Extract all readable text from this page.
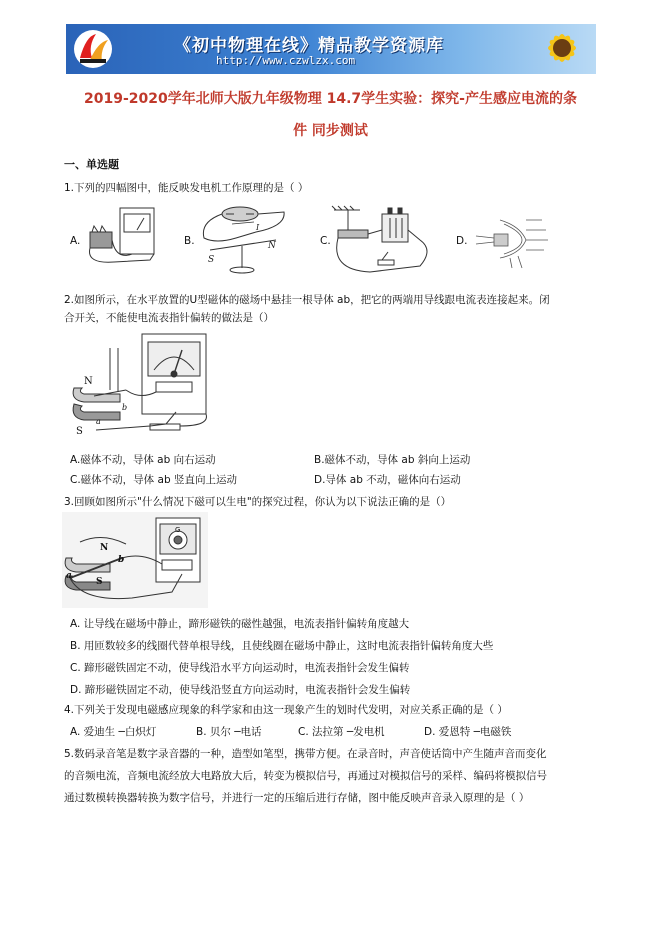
《初中物理在线》精品教学资源库
http://www.czwlzx.com
2019-2020学年北师大版九年级物理 14.7学生实验：探究-产生感应电流的条
件 同步测试
一、单选题
1.下列的四幅图中，能反映发电机工作原理的是（ ）
A.	B.	N
S
I
C.	D.
2.如图所示，在水平放置的U型磁体的磁场中悬挂一根导体 ab，把它的两端用导线跟电流表连接起来。闭
合开关，不能使电流表指针偏转的做法是（）
N
S
a
b
A.磁体不动，导体 ab 向右运动	B.磁体不动，导体 ab 斜向上运动
C.磁体不动，导体 ab 竖直向上运动	D.导体 ab 不动，磁体向右运动
3.回顾如图所示"什么情况下磁可以生电"的探究过程，你认为以下说法正确的是（）
N
S
a
b
G
A. 让导线在磁场中静止，蹄形磁铁的磁性越强，电流表指针偏转角度越大
B. 用匝数较多的线圈代替单根导线，且使线圈在磁场中静止，这时电流表指针偏转角度大些
C. 蹄形磁铁固定不动，使导线沿水平方向运动时，电流表指针会发生偏转
D. 蹄形磁铁固定不动，使导线沿竖直方向运动时，电流表指针会发生偏转
4.下列关于发现电磁感应现象的科学家和由这一现象产生的划时代发明，对应关系正确的是（ ）
A. 爱迪生 ─白炽灯	B. 贝尔 ─电话	C. 法拉第 ─发电机	D. 爱恩特 ─电磁铁
5.数码录音笔是数字录音器的一种，造型如笔型，携带方便。在录音时，声音使话筒中产生随声音而变化
的音频电流，音频电流经放大电路放大后，转变为模拟信号，再通过对模拟信号的采样、编码将模拟信号
通过数模转换器转换为数字信号，并进行一定的压缩后进行存储，图中能反映声音录入原理的是（ ）
